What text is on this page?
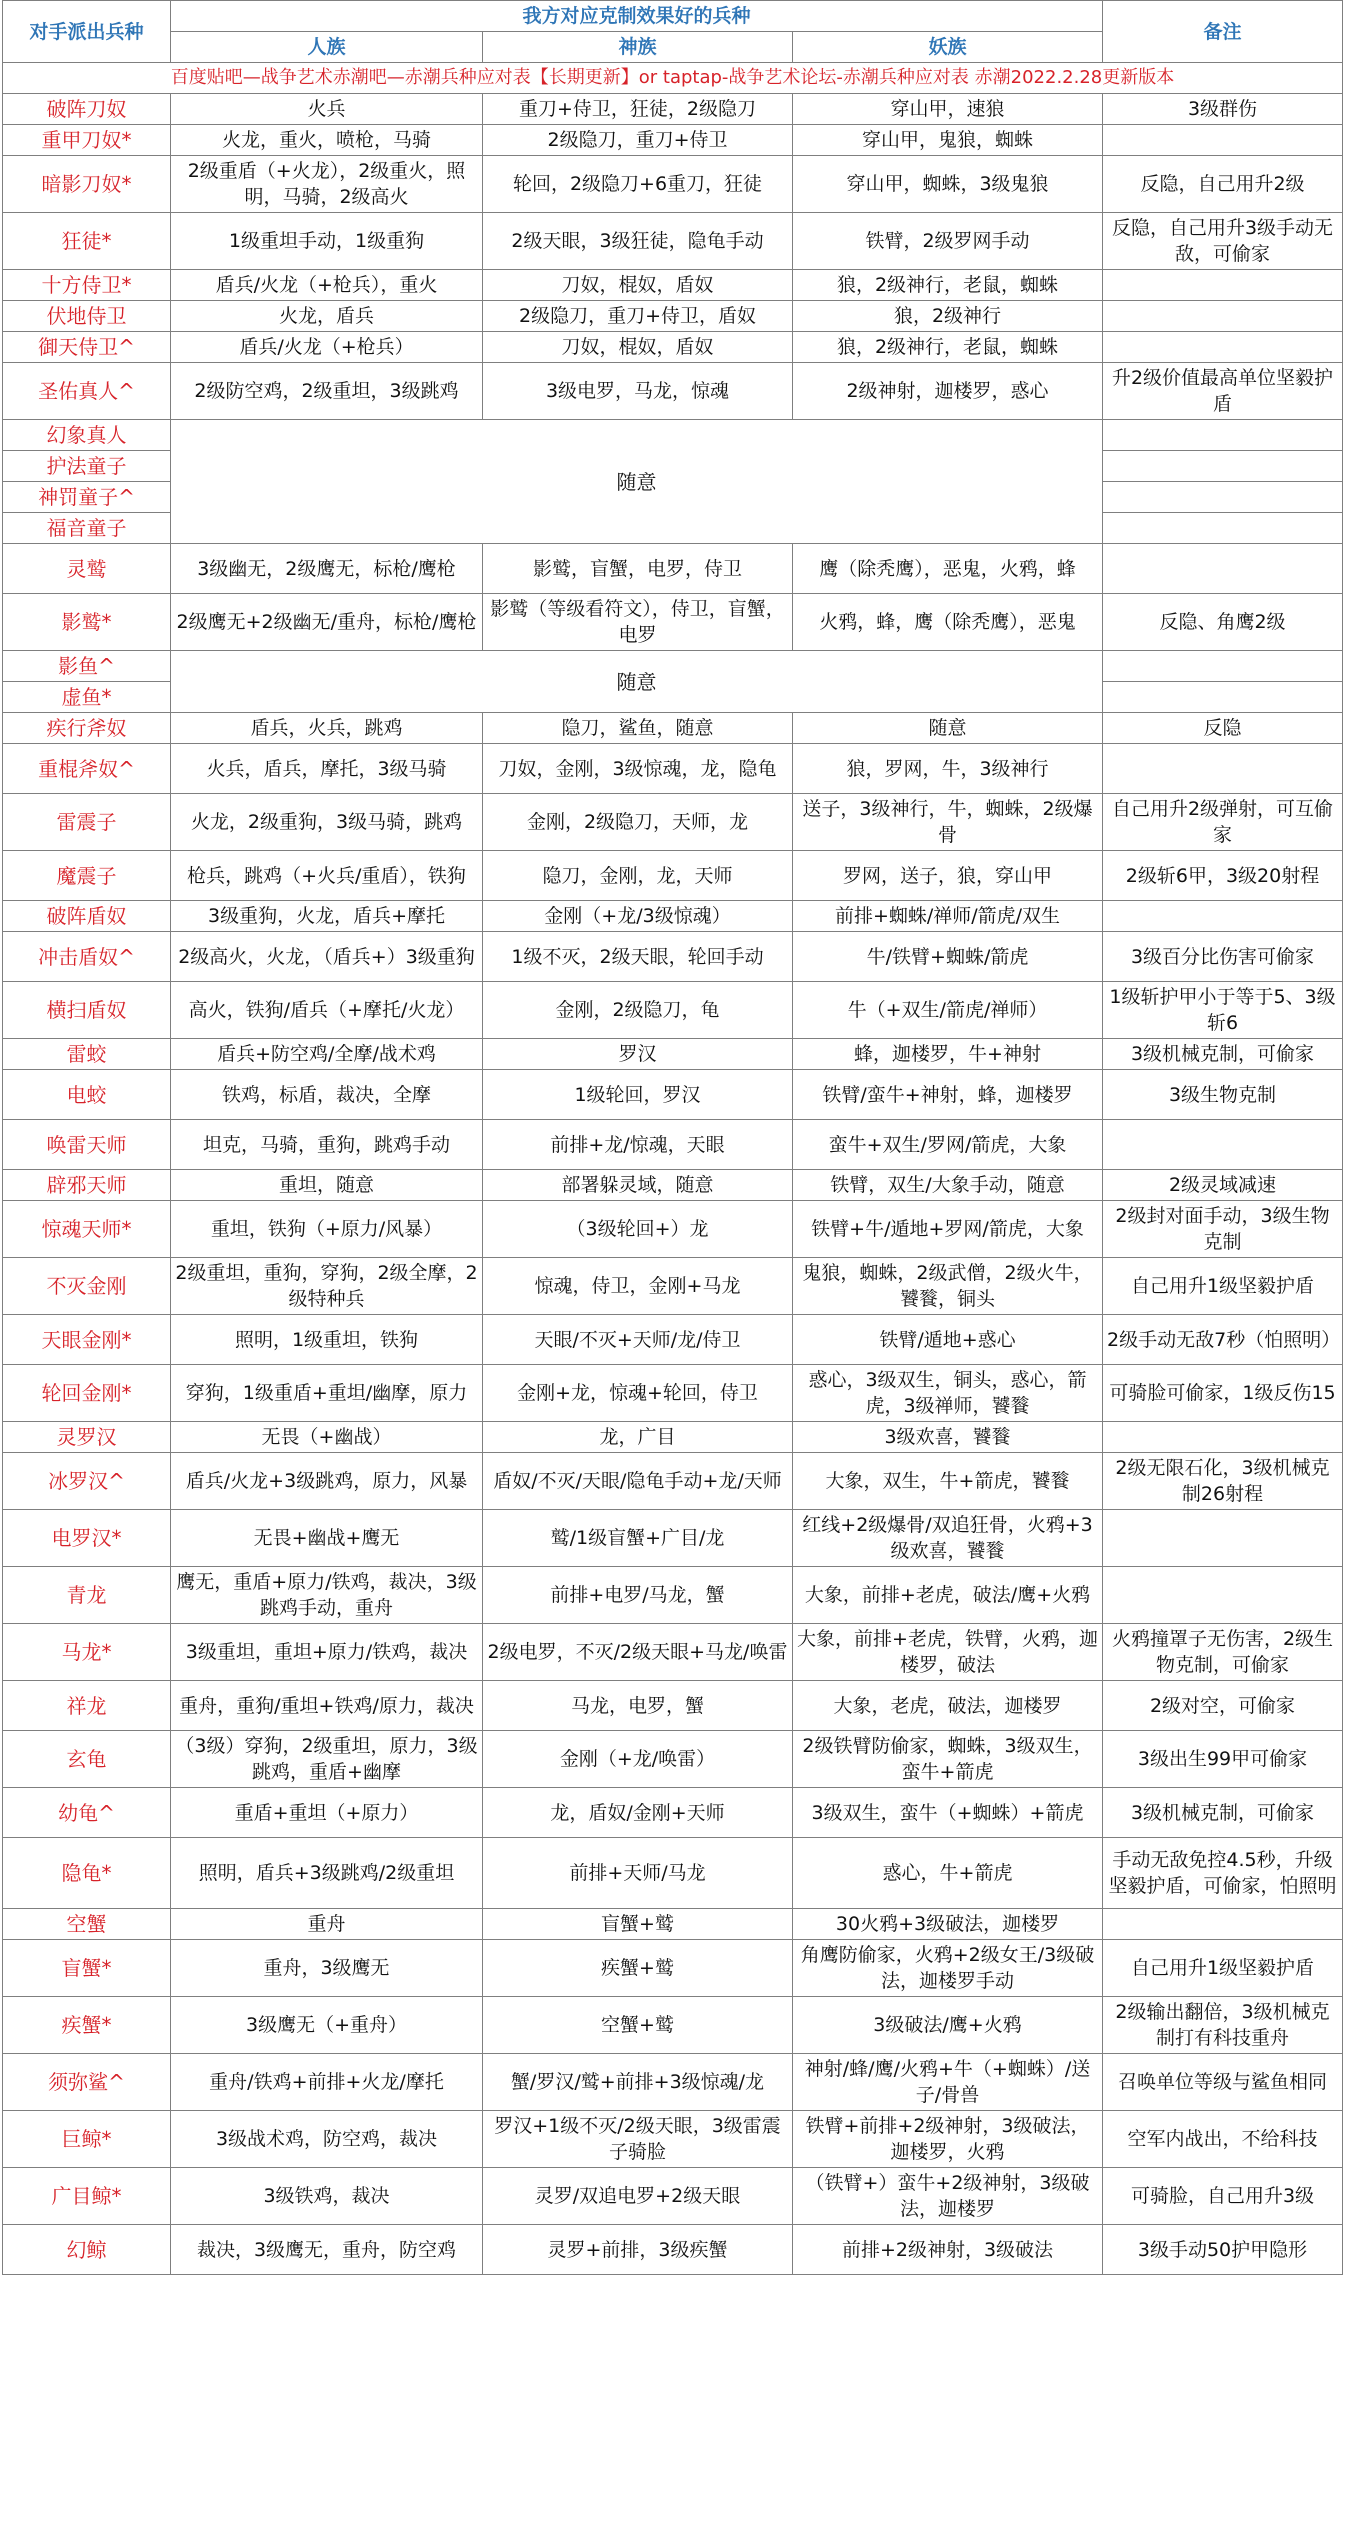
对手派出兵种	我方对应克制效果好的兵种			备注
	人族	神族	妖族	
百度贴吧—战争艺术赤潮吧—赤潮兵种应对表【长期更新】or taptap-战争艺术论坛-赤潮兵种应对表 赤潮2022.2.28更新版本				
破阵刀奴	火兵	重刀+侍卫，狂徒，2级隐刀	穿山甲，速狼	3级群伤
重甲刀奴*	火龙，重火，喷枪，马骑	2级隐刀，重刀+侍卫	穿山甲，鬼狼，蜘蛛	
暗影刀奴*	2级重盾（+火龙），2级重火，照明，马骑，2级高火	轮回，2级隐刀+6重刀，狂徒	穿山甲，蜘蛛，3级鬼狼	反隐，自己用升2级
狂徒*	1级重坦手动，1级重狗	2级天眼，3级狂徒，隐龟手动	铁臂，2级罗网手动	反隐，自己用升3级手动无敌，可偷家
十方侍卫*	盾兵/火龙（+枪兵），重火	刀奴，棍奴，盾奴	狼，2级神行，老鼠，蜘蛛	
伏地侍卫	火龙，盾兵	2级隐刀，重刀+侍卫，盾奴	狼，2级神行	
御天侍卫^	盾兵/火龙（+枪兵）	刀奴，棍奴，盾奴	狼，2级神行，老鼠，蜘蛛	
圣佑真人^	2级防空鸡，2级重坦，3级跳鸡	3级电罗，马龙，惊魂	2级神射，迦楼罗，惑心	升2级价值最高单位坚毅护盾
幻象真人	随意			
护法童子				
神罚童子^				
福音童子				
灵鹫	3级幽无，2级鹰无，标枪/鹰枪	影鹫，盲蟹，电罗，侍卫	鹰（除秃鹰），恶鬼，火鸦，蜂	
影鹫*	2级鹰无+2级幽无/重舟，标枪/鹰枪	影鹫（等级看符文），侍卫，盲蟹，电罗	火鸦，蜂，鹰（除秃鹰），恶鬼	反隐、角鹰2级
影鱼^	随意			
虚鱼*				
疾行斧奴	盾兵，火兵，跳鸡	隐刀，鲨鱼，随意	随意	反隐
重棍斧奴^	火兵，盾兵，摩托，3级马骑	刀奴，金刚，3级惊魂，龙，隐龟	狼，罗网，牛，3级神行	
雷震子	火龙，2级重狗，3级马骑，跳鸡	金刚，2级隐刀，天师，龙	送子，3级神行，牛，蜘蛛，2级爆骨	自己用升2级弹射，可互偷家
魔震子	枪兵，跳鸡（+火兵/重盾），铁狗	隐刀，金刚，龙，天师	罗网，送子，狼，穿山甲	2级斩6甲，3级20射程
破阵盾奴	3级重狗，火龙，盾兵+摩托	金刚（+龙/3级惊魂）	前排+蜘蛛/禅师/箭虎/双生	
冲击盾奴^	2级高火，火龙，（盾兵+）3级重狗	1级不灭，2级天眼，轮回手动	牛/铁臂+蜘蛛/箭虎	3级百分比伤害可偷家
横扫盾奴	高火，铁狗/盾兵（+摩托/火龙）	金刚，2级隐刀，龟	牛（+双生/箭虎/禅师）	1级斩护甲小于等于5、3级斩6
雷蛟	盾兵+防空鸡/全摩/战术鸡	罗汉	蜂，迦楼罗，牛+神射	3级机械克制，可偷家
电蛟	铁鸡，标盾，裁决，全摩	1级轮回，罗汉	铁臂/蛮牛+神射，蜂，迦楼罗	3级生物克制
唤雷天师	坦克，马骑，重狗，跳鸡手动	前排+龙/惊魂，天眼	蛮牛+双生/罗网/箭虎，大象	
辟邪天师	重坦，随意	部署躲灵域，随意	铁臂，双生/大象手动，随意	2级灵域减速
惊魂天师*	重坦，铁狗（+原力/风暴）	（3级轮回+）龙	铁臂+牛/遁地+罗网/箭虎，大象	2级封对面手动，3级生物克制
不灭金刚	2级重坦，重狗，穿狗，2级全摩，2级特种兵	惊魂，侍卫，金刚+马龙	鬼狼，蜘蛛，2级武僧，2级火牛，饕餮，铜头	自己用升1级坚毅护盾
天眼金刚*	照明，1级重坦，铁狗	天眼/不灭+天师/龙/侍卫	铁臂/遁地+惑心	2级手动无敌7秒（怕照明）
轮回金刚*	穿狗，1级重盾+重坦/幽摩，原力	金刚+龙，惊魂+轮回，侍卫	惑心，3级双生，铜头，惑心，箭虎，3级禅师，饕餮	可骑脸可偷家，1级反伤15
灵罗汉	无畏（+幽战）	龙，广目	3级欢喜，饕餮	
冰罗汉^	盾兵/火龙+3级跳鸡，原力，风暴	盾奴/不灭/天眼/隐龟手动+龙/天师	大象，双生，牛+箭虎，饕餮	2级无限石化，3级机械克制26射程
电罗汉*	无畏+幽战+鹰无	鹫/1级盲蟹+广目/龙	红线+2级爆骨/双追狂骨，火鸦+3级欢喜，饕餮	
青龙	鹰无，重盾+原力/铁鸡，裁决，3级跳鸡手动，重舟	前排+电罗/马龙，蟹	大象，前排+老虎，破法/鹰+火鸦	
马龙*	3级重坦，重坦+原力/铁鸡，裁决	2级电罗，不灭/2级天眼+马龙/唤雷	大象，前排+老虎，铁臂，火鸦，迦楼罗，破法	火鸦撞罩子无伤害，2级生物克制，可偷家
祥龙	重舟，重狗/重坦+铁鸡/原力，裁决	马龙，电罗，蟹	大象，老虎，破法，迦楼罗	2级对空，可偷家
玄龟	（3级）穿狗，2级重坦，原力，3级跳鸡，重盾+幽摩	金刚（+龙/唤雷）	2级铁臂防偷家，蜘蛛，3级双生，蛮牛+箭虎	3级出生99甲可偷家
幼龟^	重盾+重坦（+原力）	龙，盾奴/金刚+天师	3级双生，蛮牛（+蜘蛛）+箭虎	3级机械克制，可偷家
隐龟*	照明，盾兵+3级跳鸡/2级重坦	前排+天师/马龙	惑心，牛+箭虎	手动无敌免控4.5秒，升级坚毅护盾，可偷家，怕照明
空蟹	重舟	盲蟹+鹫	30火鸦+3级破法，迦楼罗	
盲蟹*	重舟，3级鹰无	疾蟹+鹫	角鹰防偷家，火鸦+2级女王/3级破法，迦楼罗手动	自己用升1级坚毅护盾
疾蟹*	3级鹰无（+重舟）	空蟹+鹫	3级破法/鹰+火鸦	2级输出翻倍，3级机械克制打有科技重舟
须弥鲨^	重舟/铁鸡+前排+火龙/摩托	蟹/罗汉/鹫+前排+3级惊魂/龙	神射/蜂/鹰/火鸦+牛（+蜘蛛）/送子/骨兽	召唤单位等级与鲨鱼相同
巨鲸*	3级战术鸡，防空鸡，裁决	罗汉+1级不灭/2级天眼，3级雷震子骑脸	铁臂+前排+2级神射，3级破法，迦楼罗，火鸦	空军内战出，不给科技
广目鲸*	3级铁鸡，裁决	灵罗/双追电罗+2级天眼	（铁臂+）蛮牛+2级神射，3级破法，迦楼罗	可骑脸，自己用升3级
幻鲸	裁决，3级鹰无，重舟，防空鸡	灵罗+前排，3级疾蟹	前排+2级神射，3级破法	3级手动50护甲隐形
